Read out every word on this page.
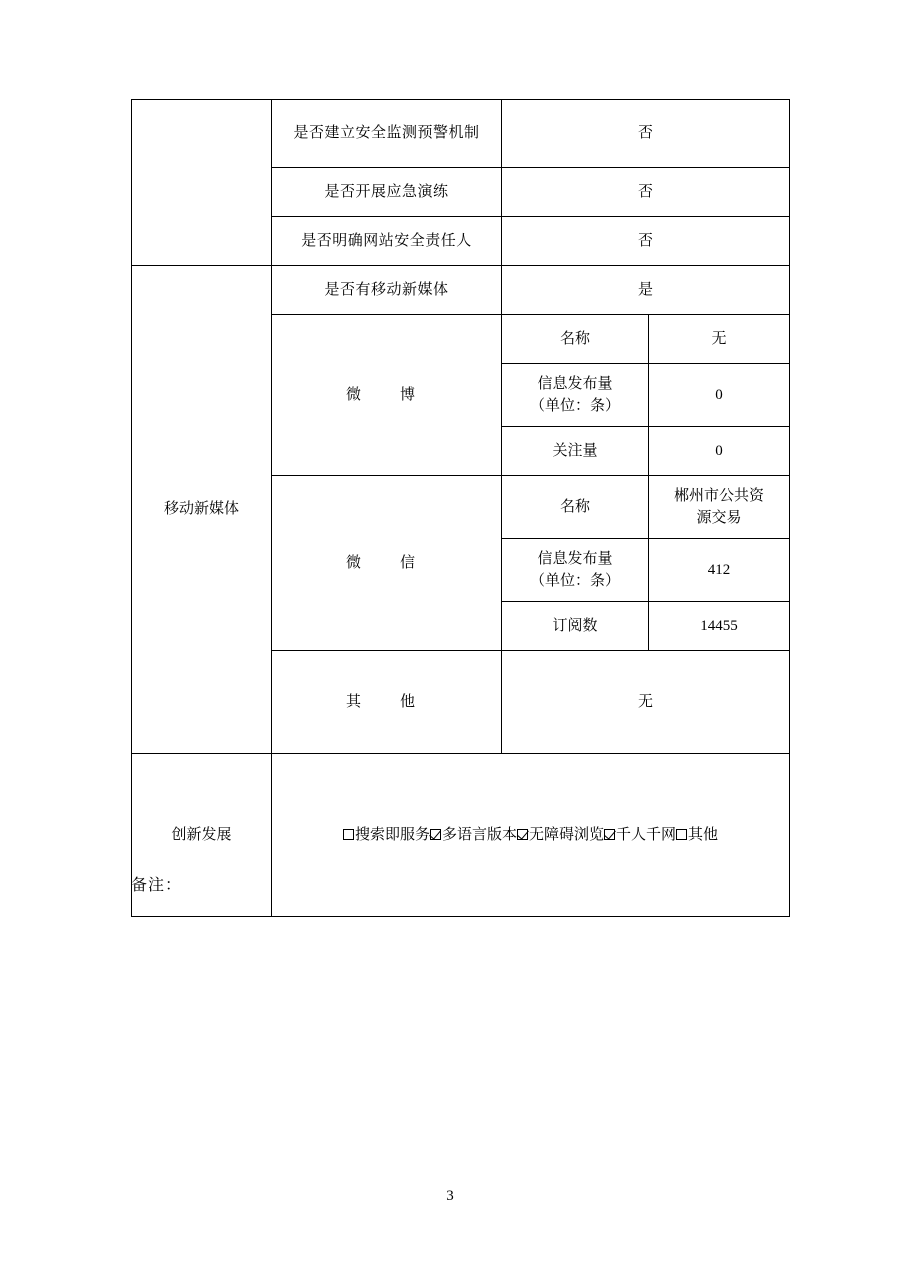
	是否建立安全监测预警机制	否	
	是否开展应急演练	否	
	是否明确网站安全责任人	否	
移动新媒体	是否有移动新媒体	是	
	微　博	名称	无
		信息发布量
（单位：条）	0
		关注量	0
	微　信	名称	郴州市公共资
源交易
		信息发布量
（单位：条）	412
		订阅数	14455
	其　他	无	
创新发展	搜索即服务 多语言版本 无障碍浏览 千人千网 其他		
备注：
3
